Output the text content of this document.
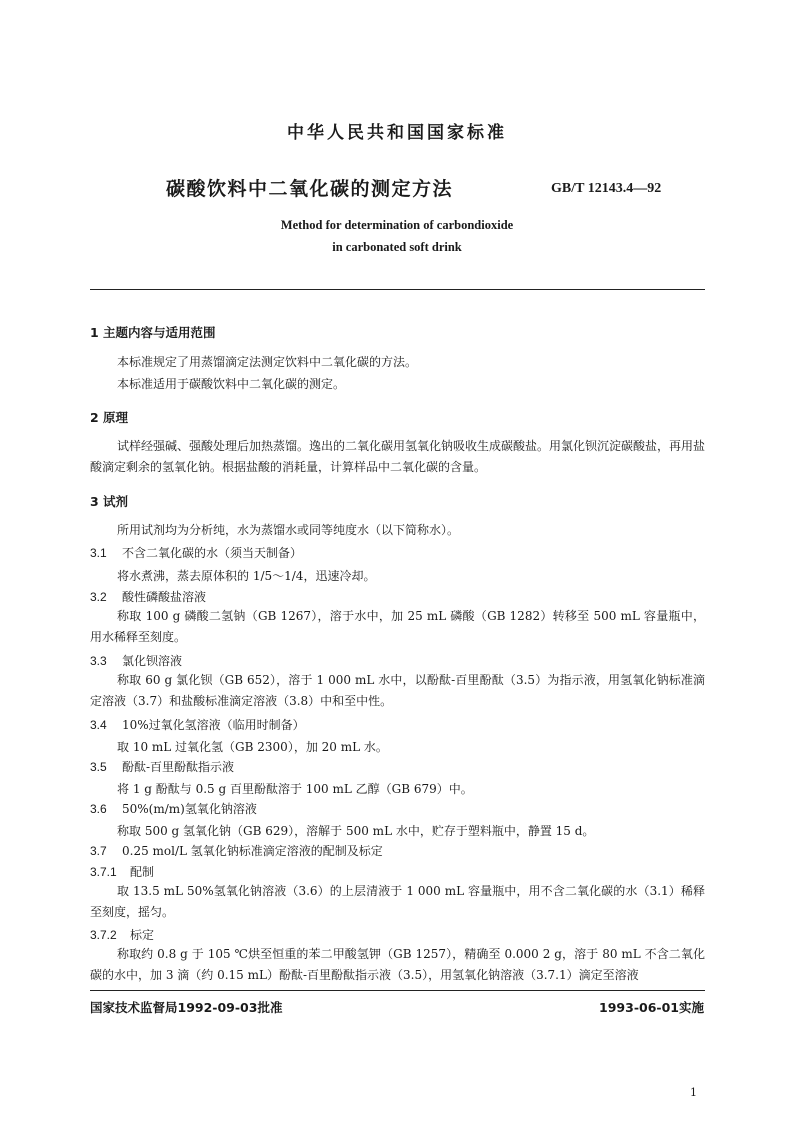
中华人民共和国国家标准
碳酸饮料中二氧化碳的测定方法	GB/T 12143.4—92
Method for determination of carbondioxide
in carbonated soft drink
1 主题内容与适用范围
本标准规定了用蒸馏滴定法测定饮料中二氧化碳的方法。
本标准适用于碳酸饮料中二氧化碳的测定。
2 原理
试样经强碱、强酸处理后加热蒸馏。逸出的二氧化碳用氢氧化钠吸收生成碳酸盐。用氯化钡沉淀碳酸盐，再用盐酸滴定剩余的氢氧化钠。根据盐酸的消耗量，计算样品中二氧化碳的含量。
3 试剂
所用试剂均为分析纯，水为蒸馏水或同等纯度水（以下简称水）。
3.1 不含二氧化碳的水（须当天制备）
将水煮沸，蒸去原体积的 1/5～1/4，迅速冷却。
3.2 酸性磷酸盐溶液
称取 100 g 磷酸二氢钠（GB 1267），溶于水中，加 25 mL 磷酸（GB 1282）转移至 500 mL 容量瓶中，用水稀释至刻度。
3.3 氯化钡溶液
称取 60 g 氯化钡（GB 652），溶于 1 000 mL 水中，以酚酞-百里酚酞（3.5）为指示液，用氢氧化钠标准滴定溶液（3.7）和盐酸标准滴定溶液（3.8）中和至中性。
3.4 10%过氧化氢溶液（临用时制备）
取 10 mL 过氧化氢（GB 2300），加 20 mL 水。
3.5 酚酞-百里酚酞指示液
将 1 g 酚酞与 0.5 g 百里酚酞溶于 100 mL 乙醇（GB 679）中。
3.6 50%(m/m)氢氧化钠溶液
称取 500 g 氢氧化钠（GB 629），溶解于 500 mL 水中，贮存于塑料瓶中，静置 15 d。
3.7 0.25 mol/L 氢氧化钠标准滴定溶液的配制及标定
3.7.1 配制
取 13.5 mL 50%氢氧化钠溶液（3.6）的上层清液于 1 000 mL 容量瓶中，用不含二氧化碳的水（3.1）稀释至刻度，摇匀。
3.7.2 标定
称取约 0.8 g 于 105 ℃烘至恒重的苯二甲酸氢钾（GB 1257），精确至 0.000 2 g，溶于 80 mL 不含二氧化碳的水中，加 3 滴（约 0.15 mL）酚酞-百里酚酞指示液（3.5），用氢氧化钠溶液（3.7.1）滴定至溶液
国家技术监督局1992-09-03批准	1993-06-01实施
1
